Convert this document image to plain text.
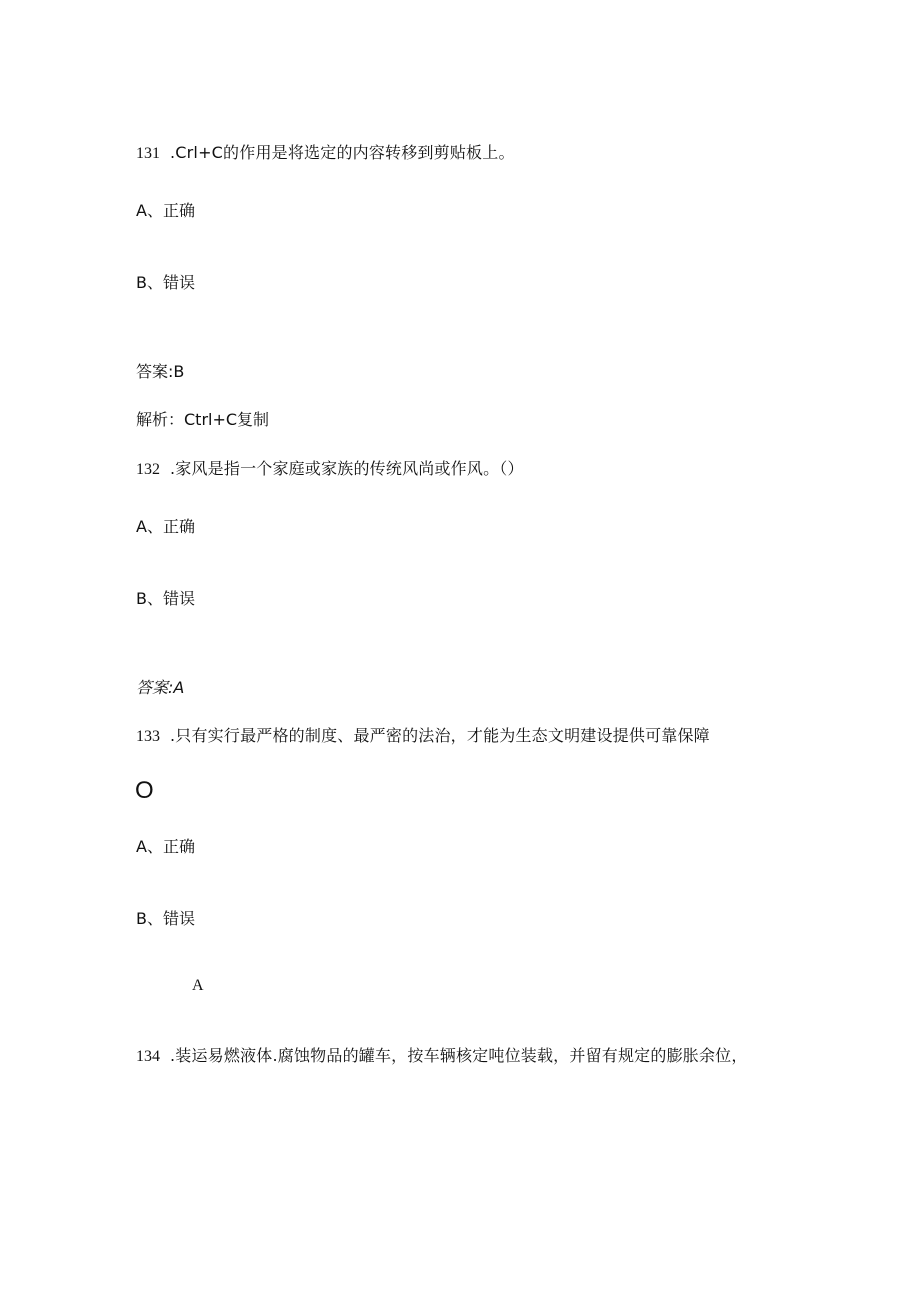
131 .Crl+C的作用是将选定的内容转移到剪贴板上。
A、正确
B、错误
答案:B
解析：Ctrl+C复制
132 .家风是指一个家庭或家族的传统风尚或作风。（）
A、正确
B、错误
答案:A
133 .只有实行最严格的制度、最严密的法治，才能为生态文明建设提供可靠保障
O
A、正确
B、错误
A
134 .装运易燃液体.腐蚀物品的罐车，按车辆核定吨位装载，并留有规定的膨胀余位，
